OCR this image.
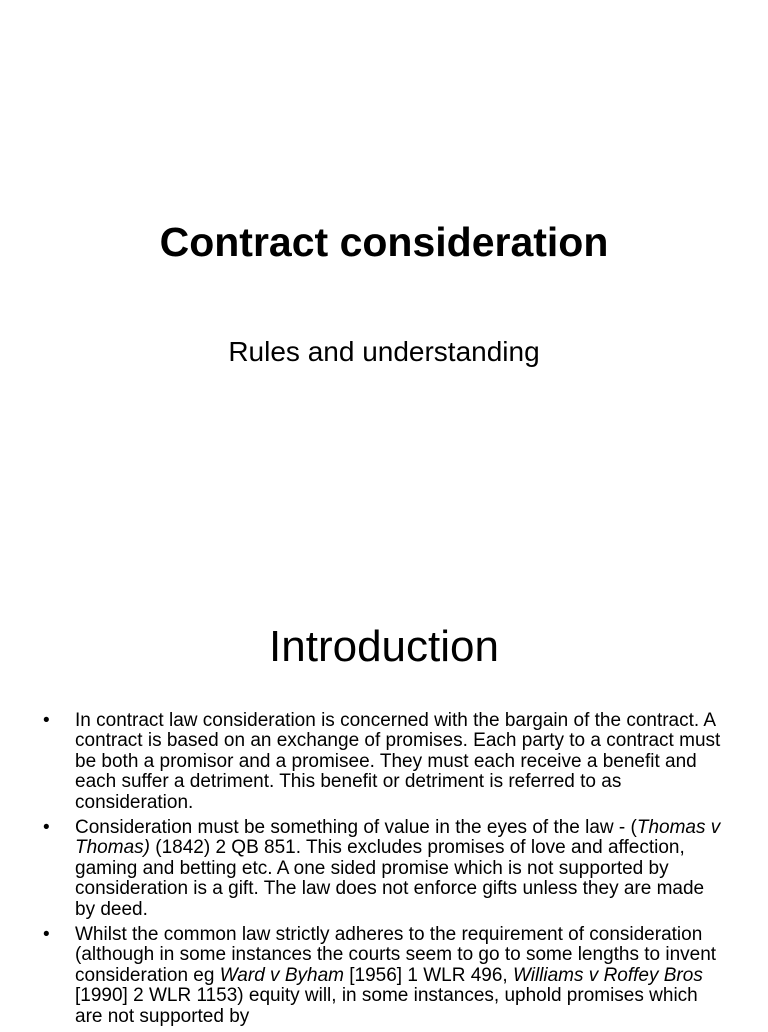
Contract consideration

Rules and understanding

Introduction
• In contract law consideration is concerned with the bargain of the contract. A contract is based on an exchange of promises. Each party to a contract must be both a promisor and a promisee. They must each receive a benefit and each suffer a detriment. This benefit or detriment is referred to as consideration.
• Consideration must be something of value in the eyes of the law - (Thomas v Thomas) (1842) 2 QB 851. This excludes promises of love and affection, gaming and betting etc. A one sided promise which is not supported by consideration is a gift. The law does not enforce gifts unless they are made by deed.
• Whilst the common law strictly adheres to the requirement of consideration (although in some instances the courts seem to go to some lengths to invent consideration eg Ward v Byham [1956] 1 WLR 496, Williams v Roffey Bros [1990] 2 WLR 1153) equity will, in some instances, uphold promises which are not supported by
